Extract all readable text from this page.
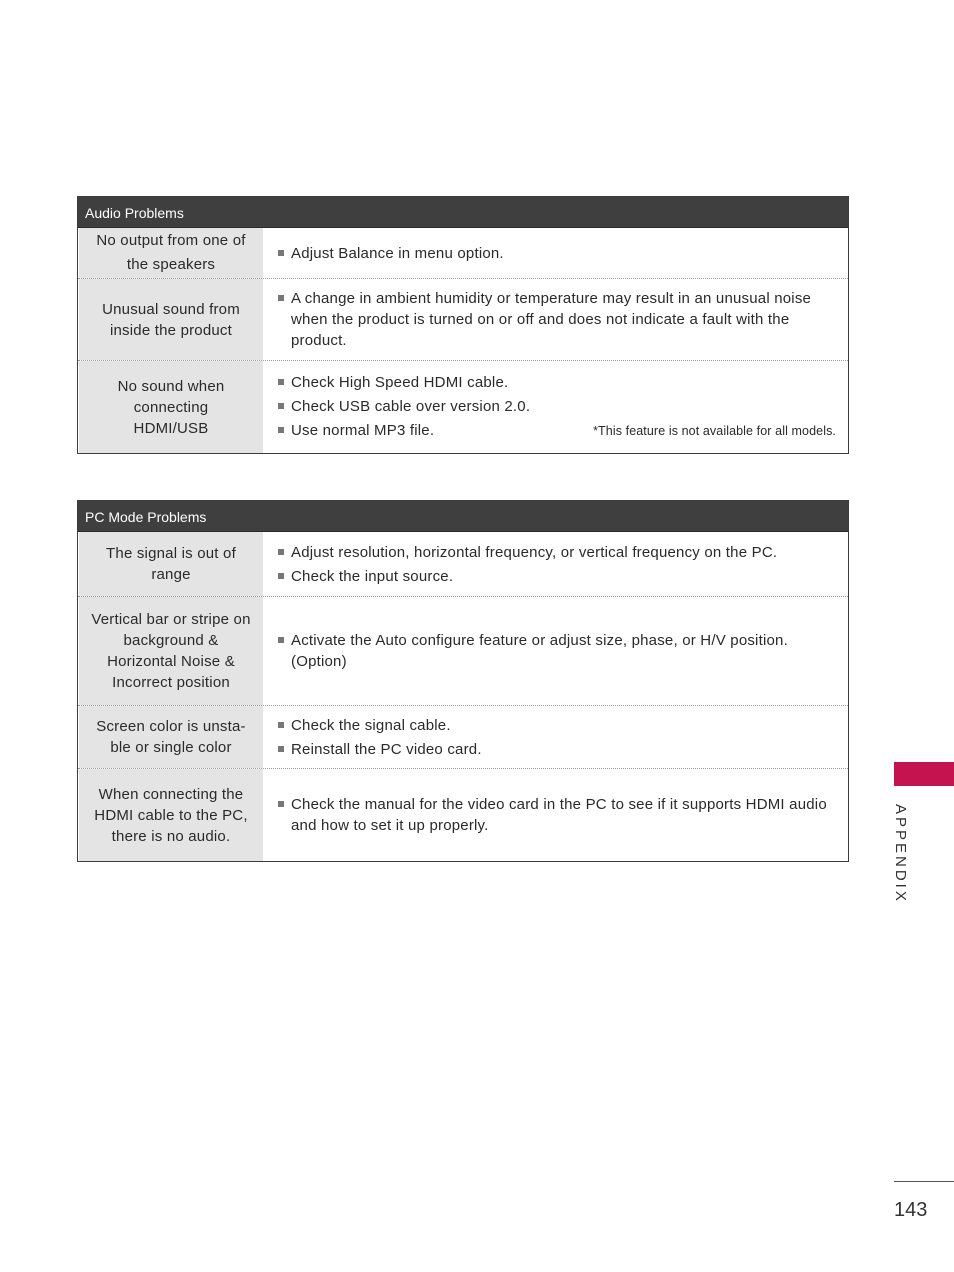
Audio Problems
No output from one of the speakers
Adjust Balance in menu option.
Unusual sound from inside the product
A change in ambient humidity or temperature may result in an unusual noise when the product is turned on or off and does not indicate a fault with the product.
No sound when connecting HDMI/USB
Check High Speed HDMI cable.
Check USB cable over version 2.0.
Use normal MP3 file.	*This feature is not available for all models.
PC Mode Problems
The signal is out of range
Adjust resolution, horizontal frequency, or vertical frequency on the PC.
Check the input source.
Vertical bar or stripe on background & Horizontal Noise & Incorrect position
Activate the Auto configure feature or adjust size, phase, or H/V position. (Option)
Screen color is unsta-ble or single color
Check the signal cable.
Reinstall the PC video card.
When connecting the HDMI cable to the PC, there is no audio.
Check the manual for the video card in the PC to see if it supports HDMI audio and how to set it up properly.	APPENDIX
143
